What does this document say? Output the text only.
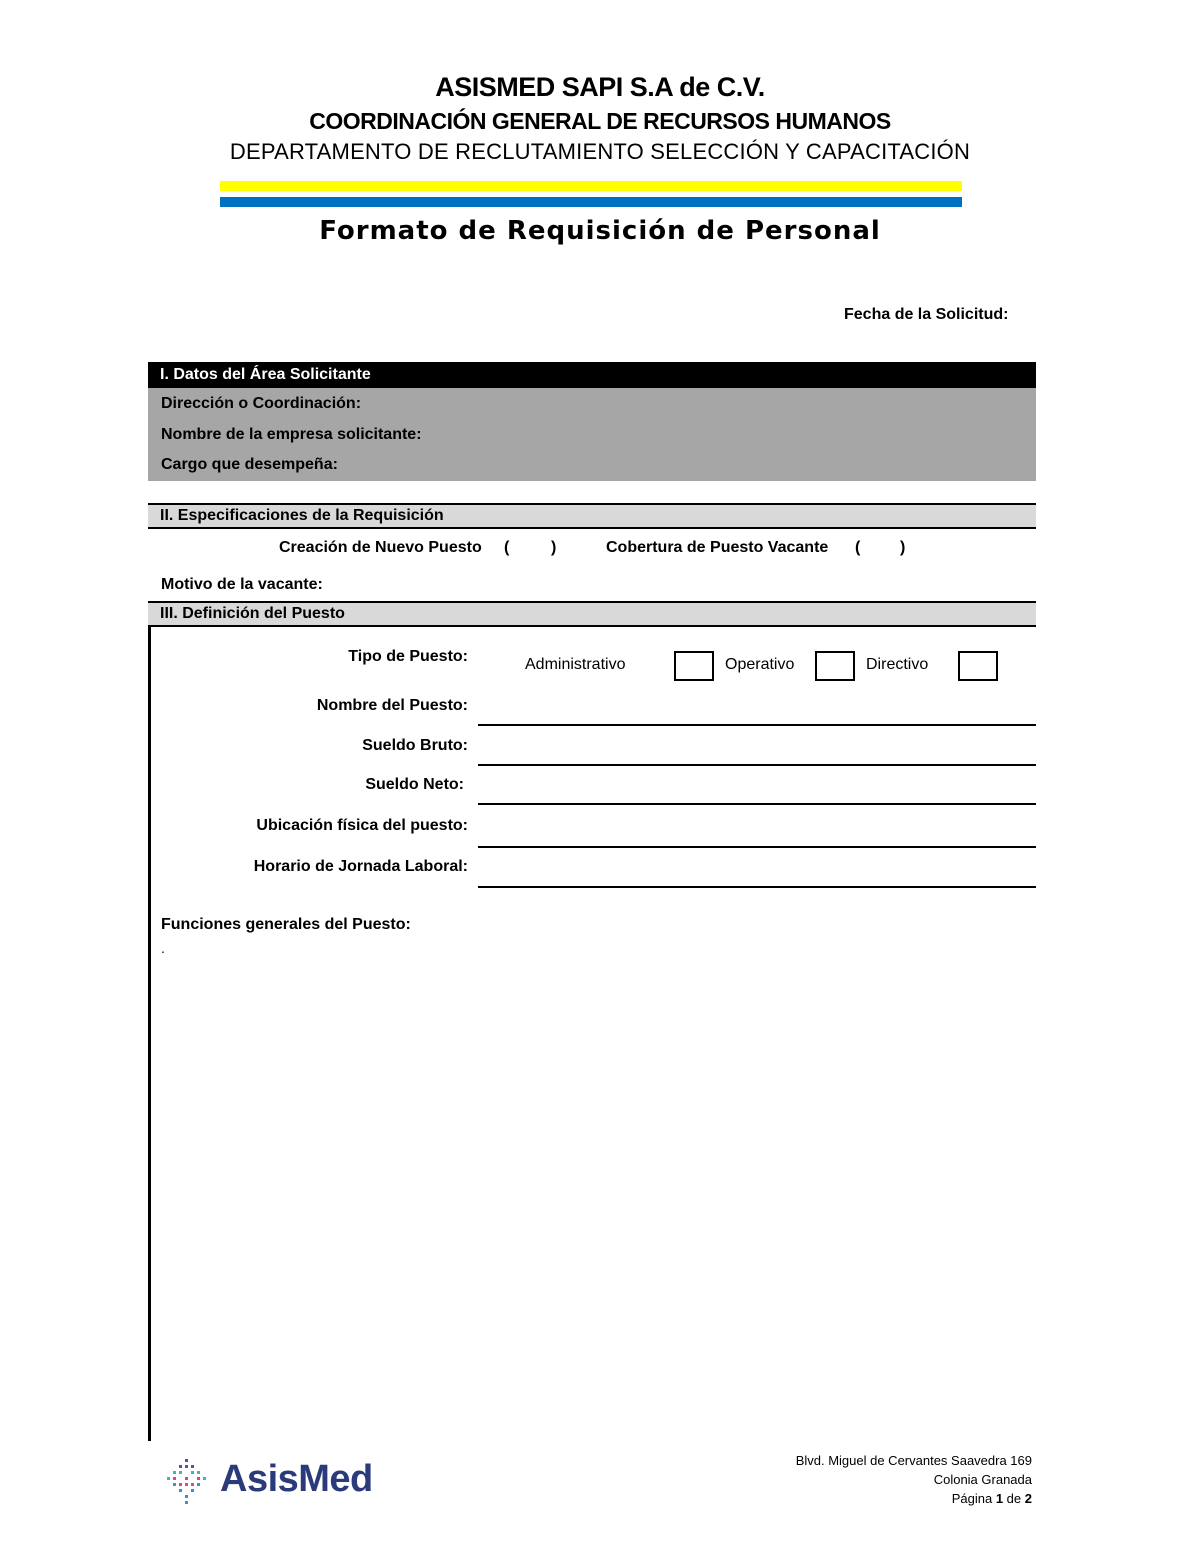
ASISMED SAPI S.A de C.V.
COORDINACIÓN GENERAL DE RECURSOS HUMANOS
DEPARTAMENTO DE RECLUTAMIENTO SELECCIÓN Y CAPACITACIÓN
Formato de Requisición de Personal
Fecha de la Solicitud:
I. Datos del Área Solicitante
Dirección o Coordinación:
Nombre de la empresa solicitante:
Cargo que desempeña:
II. Especificaciones de la Requisición
Creación de Nuevo Puesto (	)	Cobertura de Puesto Vacante ( )
Motivo de la vacante:
III. Definición del Puesto
Tipo de Puesto:	Administrativo	Operativo	Directivo
Nombre del Puesto:
Sueldo Bruto:
Sueldo Neto:
Ubicación física del puesto:
Horario de Jornada Laboral:
Funciones generales del Puesto:
.
AsisMed	Blvd. Miguel de Cervantes Saavedra 169
Colonia Granada
Página 1 de 2
